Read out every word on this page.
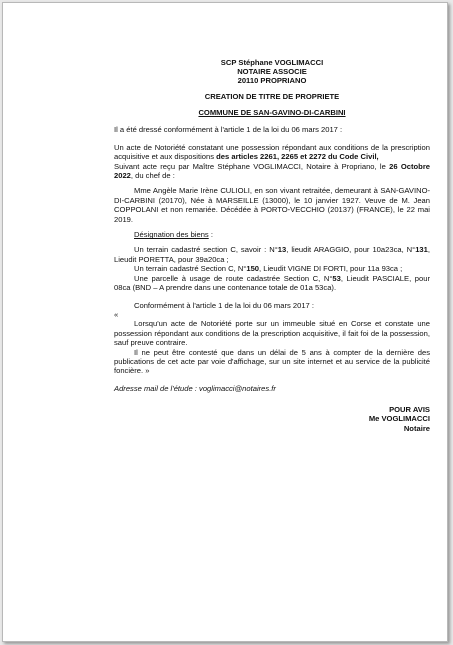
SCP Stéphane VOGLIMACCI
NOTAIRE ASSOCIE
20110 PROPRIANO
CREATION DE TITRE DE PROPRIETE
COMMUNE DE SAN-GAVINO-DI-CARBINI

Il a été dressé conformément à l'article 1 de la loi du 06 mars 2017 :

Un acte de Notoriété constatant une possession répondant aux conditions de la prescription acquisitive et aux dispositions des articles 2261, 2265 et 2272 du Code Civil,
Suivant acte reçu par Maître Stéphane VOGLIMACCI, Notaire à Propriano, le 26 Octobre 2022, du chef de :

Mme Angèle Marie Irène CULIOLI, en son vivant retraitée, demeurant à SAN-GAVINO-DI-CARBINI (20170), Née à MARSEILLE (13000), le 10 janvier 1927. Veuve de M. Jean COPPOLANI et non remariée. Décédée à PORTO-VECCHIO (20137) (FRANCE), le 22 mai 2019.

Désignation des biens :

Un terrain cadastré section C, savoir : N°13, lieudit ARAGGIO, pour 10a23ca, N°131, Lieudit PORETTA, pour 39a20ca ;

Un terrain cadastré Section C, N°150, Lieudit VIGNE DI FORTI, pour 11a 93ca ;

Une parcelle à usage de route cadastrée Section C, N°53, Lieudit PASCIALE, pour 08ca (BND – A prendre dans une contenance totale de 01a 53ca).

Conformément à l'article 1 de la loi du 06 mars 2017 :

«

Lorsqu'un acte de Notoriété porte sur un immeuble situé en Corse et constate une possession répondant aux conditions de la prescription acquisitive, il fait foi de la possession, sauf preuve contraire.

Il ne peut être contesté que dans un délai de 5 ans à compter de la dernière des publications de cet acte par voie d'affichage, sur un site internet et au service de la publicité foncière. »

Adresse mail de l'étude : voglimacci@notaires.fr

POUR AVIS
Me VOGLIMACCI
Notaire
